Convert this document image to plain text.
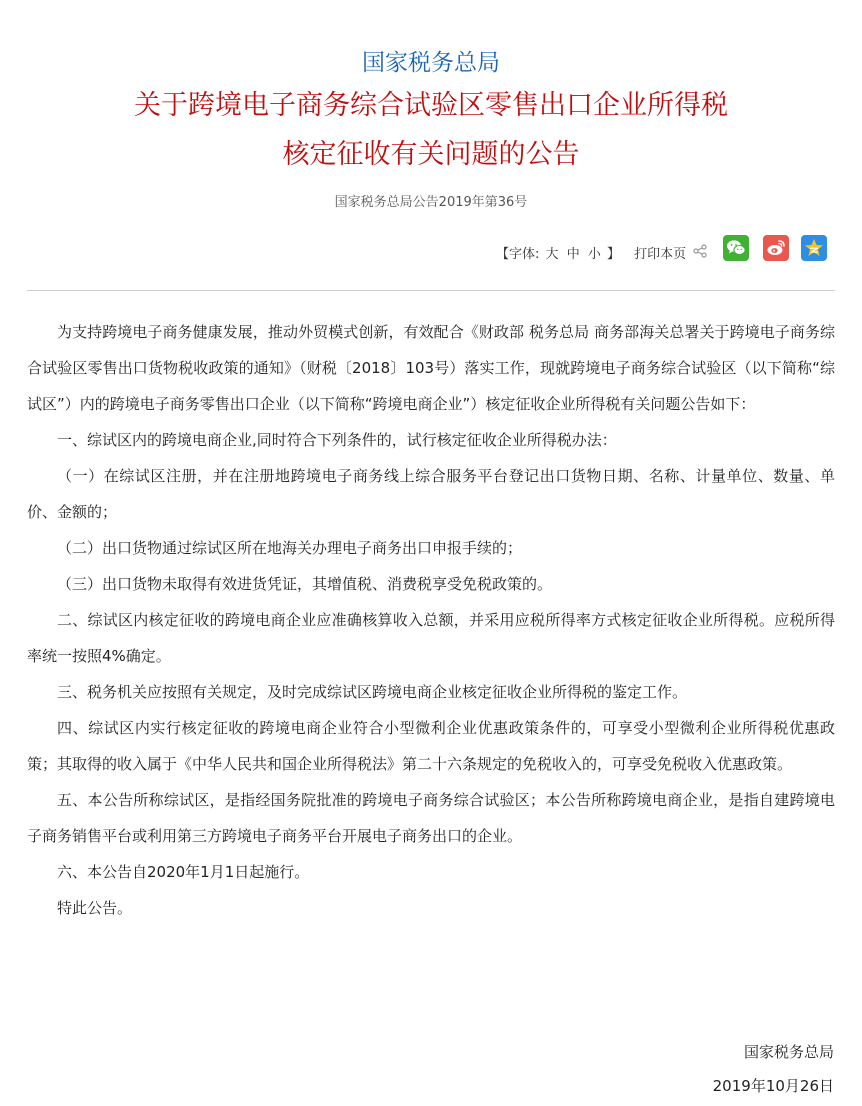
国家税务总局
关于跨境电子商务综合试验区零售出口企业所得税
核定征收有关问题的公告
国家税务总局公告2019年第36号
【字体: 大 中 小 】 打印本页

为支持跨境电子商务健康发展，推动外贸模式创新，有效配合《财政部 税务总局 商务部海关总署关于跨境电子商务综合试验区零售出口货物税收政策的通知》（财税〔2018〕103号）落实工作，现就跨境电子商务综合试验区（以下简称“综试区”）内的跨境电子商务零售出口企业（以下简称“跨境电商企业”）核定征收企业所得税有关问题公告如下：

一、综试区内的跨境电商企业,同时符合下列条件的，试行核定征收企业所得税办法：

（一）在综试区注册，并在注册地跨境电子商务线上综合服务平台登记出口货物日期、名称、计量单位、数量、单价、金额的；

（二）出口货物通过综试区所在地海关办理电子商务出口申报手续的；

（三）出口货物未取得有效进货凭证，其增值税、消费税享受免税政策的。

二、综试区内核定征收的跨境电商企业应准确核算收入总额，并采用应税所得率方式核定征收企业所得税。应税所得率统一按照4%确定。

三、税务机关应按照有关规定，及时完成综试区跨境电商企业核定征收企业所得税的鉴定工作。

四、综试区内实行核定征收的跨境电商企业符合小型微利企业优惠政策条件的，可享受小型微利企业所得税优惠政策；其取得的收入属于《中华人民共和国企业所得税法》第二十六条规定的免税收入的，可享受免税收入优惠政策。

五、本公告所称综试区，是指经国务院批准的跨境电子商务综合试验区；本公告所称跨境电商企业，是指自建跨境电子商务销售平台或利用第三方跨境电子商务平台开展电子商务出口的企业。

六、本公告自2020年1月1日起施行。

特此公告。

国家税务总局
2019年10月26日
